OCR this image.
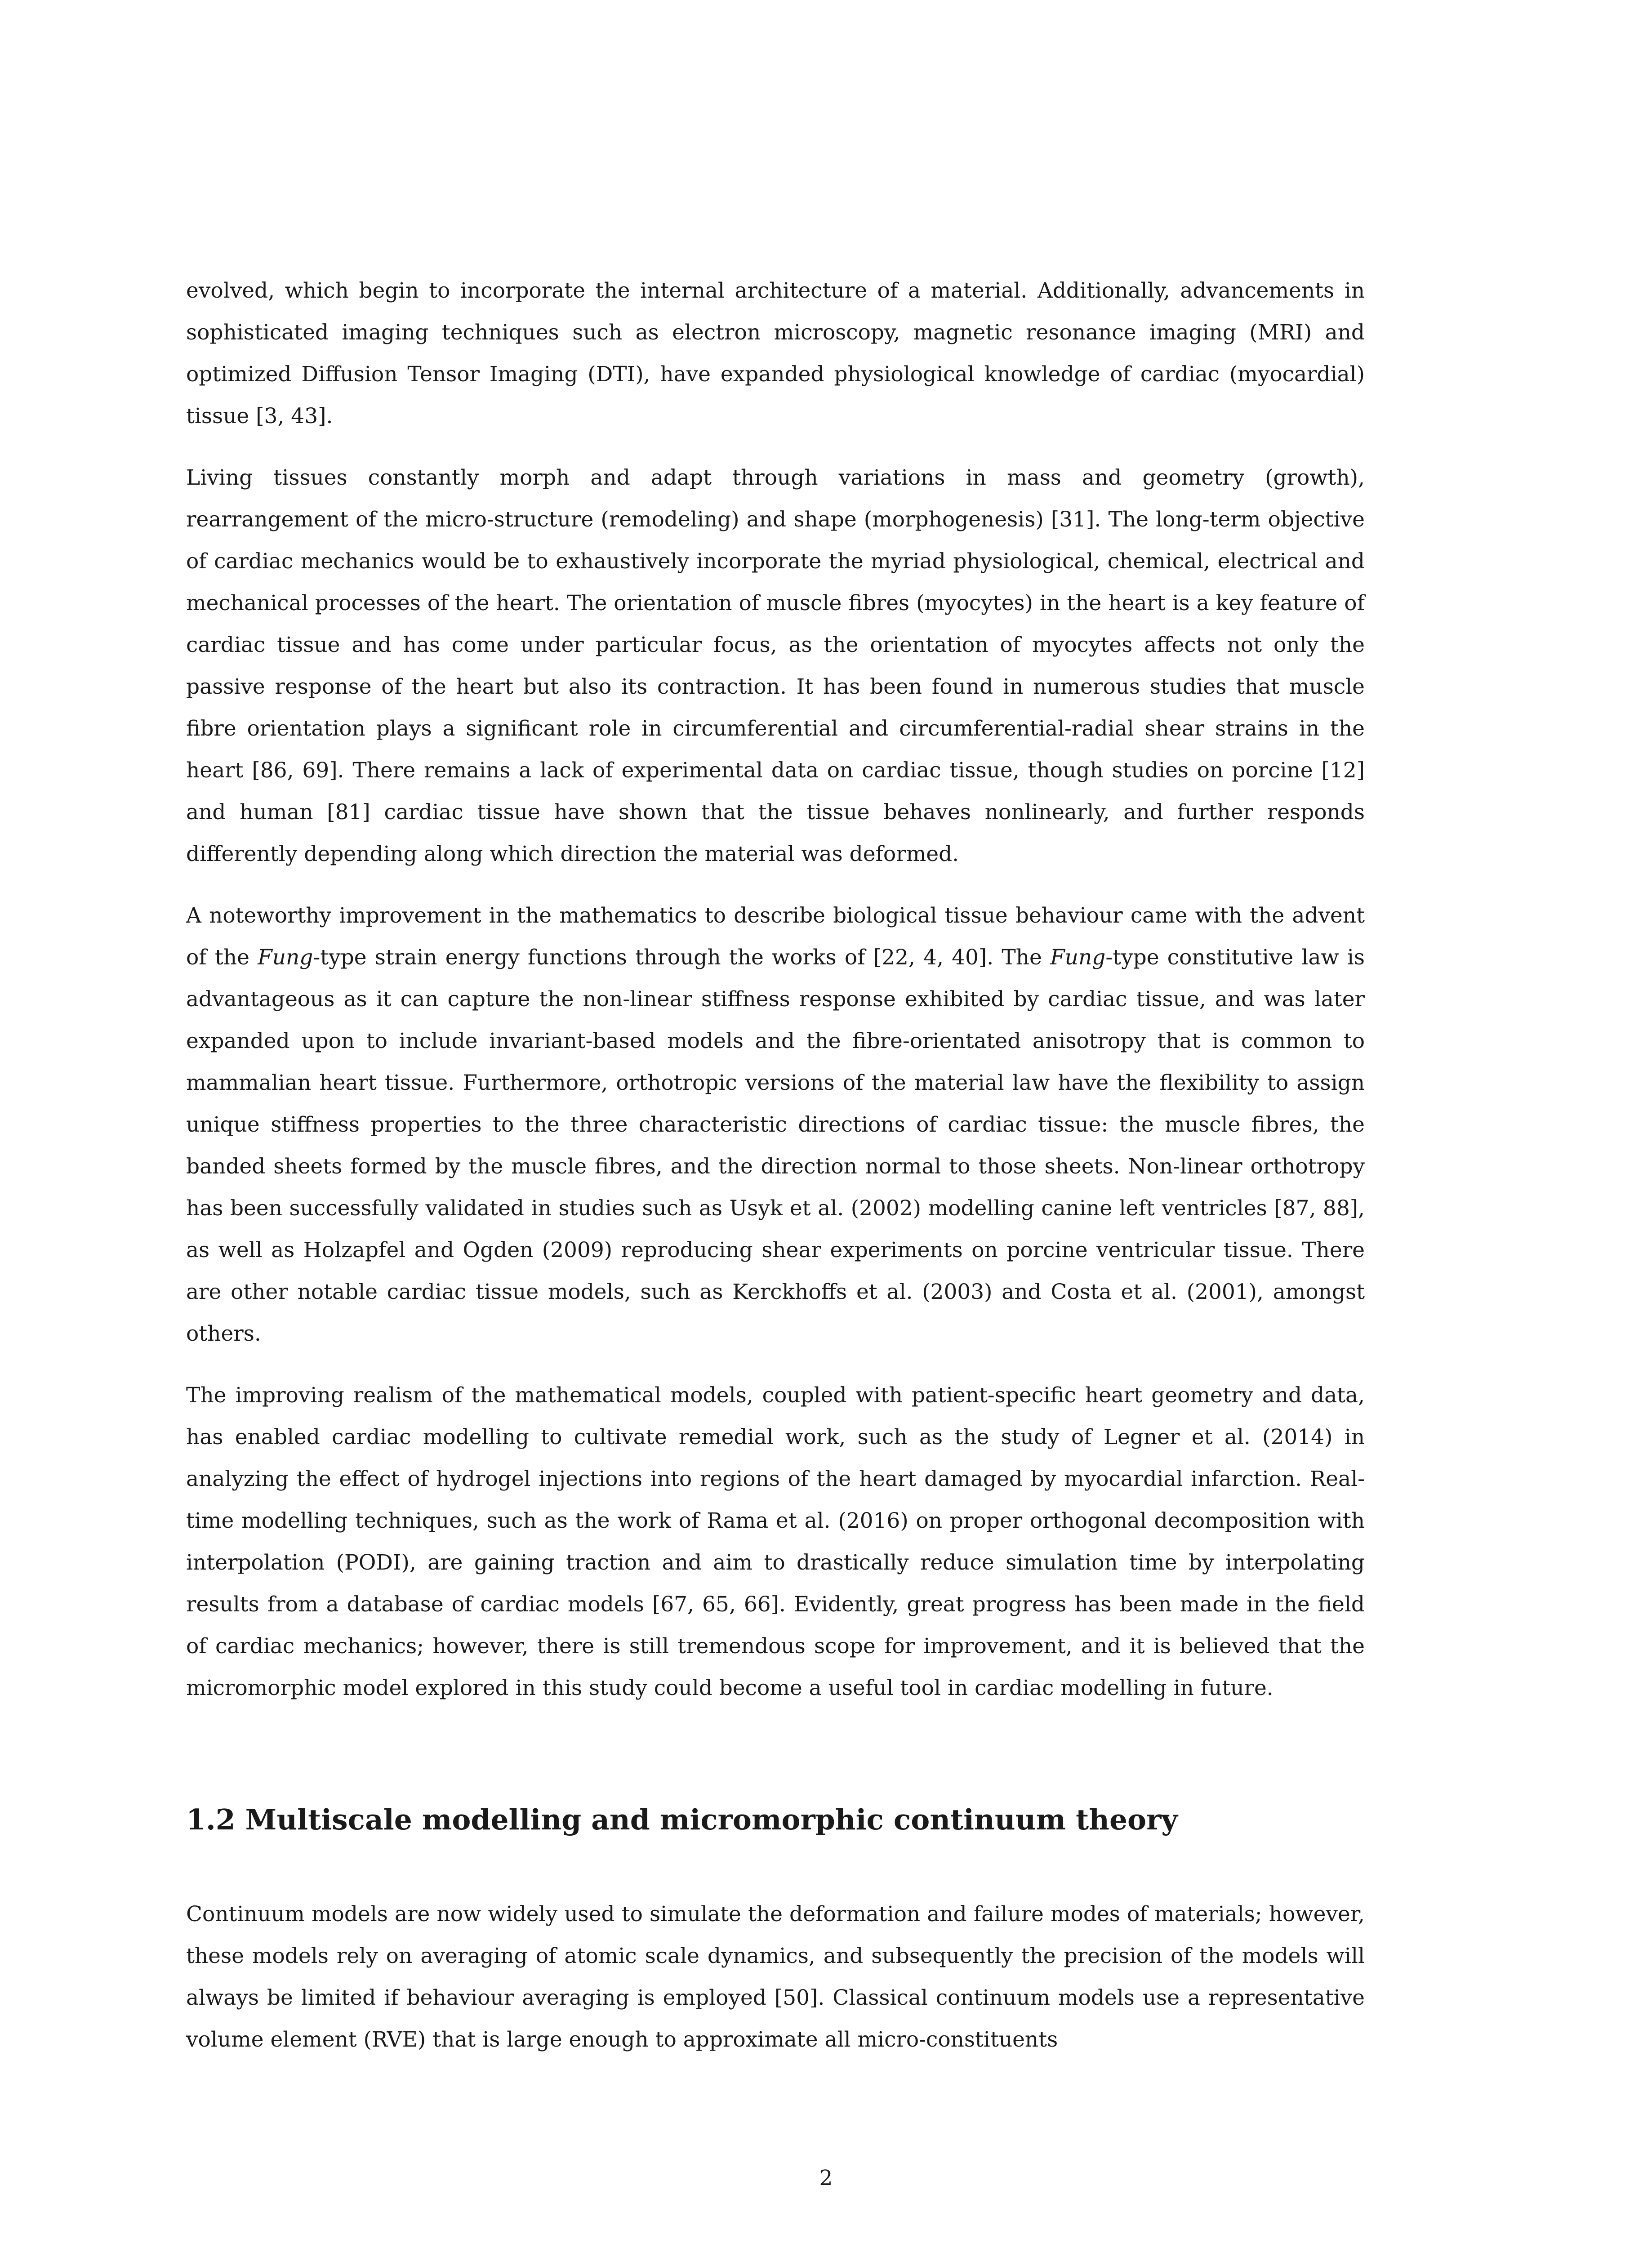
evolved, which begin to incorporate the internal architecture of a material. Additionally, advancements in sophisticated imaging techniques such as electron microscopy, magnetic resonance imaging (MRI) and optimized Diffusion Tensor Imaging (DTI), have expanded physiological knowledge of cardiac (myocardial) tissue [3, 43].

Living tissues constantly morph and adapt through variations in mass and geometry (growth), rearrangement of the micro-structure (remodeling) and shape (morphogenesis) [31]. The long-term objective of cardiac mechanics would be to exhaustively incorporate the myriad physiological, chemical, electrical and mechanical processes of the heart. The orientation of muscle fibres (myocytes) in the heart is a key feature of cardiac tissue and has come under particular focus, as the orientation of myocytes affects not only the passive response of the heart but also its contraction. It has been found in numerous studies that muscle fibre orientation plays a significant role in circumferential and circumferential-radial shear strains in the heart [86, 69]. There remains a lack of experimental data on cardiac tissue, though studies on porcine [12] and human [81] cardiac tissue have shown that the tissue behaves nonlinearly, and further responds differently depending along which direction the material was deformed.

A noteworthy improvement in the mathematics to describe biological tissue behaviour came with the advent of the Fung-type strain energy functions through the works of [22, 4, 40]. The Fung-type constitutive law is advantageous as it can capture the non-linear stiffness response exhibited by cardiac tissue, and was later expanded upon to include invariant-based models and the fibre-orientated anisotropy that is common to mammalian heart tissue. Furthermore, orthotropic versions of the material law have the flexibility to assign unique stiffness properties to the three characteristic directions of cardiac tissue: the muscle fibres, the banded sheets formed by the muscle fibres, and the direction normal to those sheets. Non-linear orthotropy has been successfully validated in studies such as Usyk et al. (2002) modelling canine left ventricles [87, 88], as well as Holzapfel and Ogden (2009) reproducing shear experiments on porcine ventricular tissue. There are other notable cardiac tissue models, such as Kerckhoffs et al. (2003) and Costa et al. (2001), amongst others.

The improving realism of the mathematical models, coupled with patient-specific heart geometry and data, has enabled cardiac modelling to cultivate remedial work, such as the study of Legner et al. (2014) in analyzing the effect of hydrogel injections into regions of the heart damaged by myocardial infarction. Real-time modelling techniques, such as the work of Rama et al. (2016) on proper orthogonal decomposition with interpolation (PODI), are gaining traction and aim to drastically reduce simulation time by interpolating results from a database of cardiac models [67, 65, 66]. Evidently, great progress has been made in the field of cardiac mechanics; however, there is still tremendous scope for improvement, and it is believed that the micromorphic model explored in this study could become a useful tool in cardiac modelling in future.

1.2 Multiscale modelling and micromorphic continuum theory

Continuum models are now widely used to simulate the deformation and failure modes of materials; however, these models rely on averaging of atomic scale dynamics, and subsequently the precision of the models will always be limited if behaviour averaging is employed [50]. Classical continuum models use a representative volume element (RVE) that is large enough to approximate all micro-constituents

2
